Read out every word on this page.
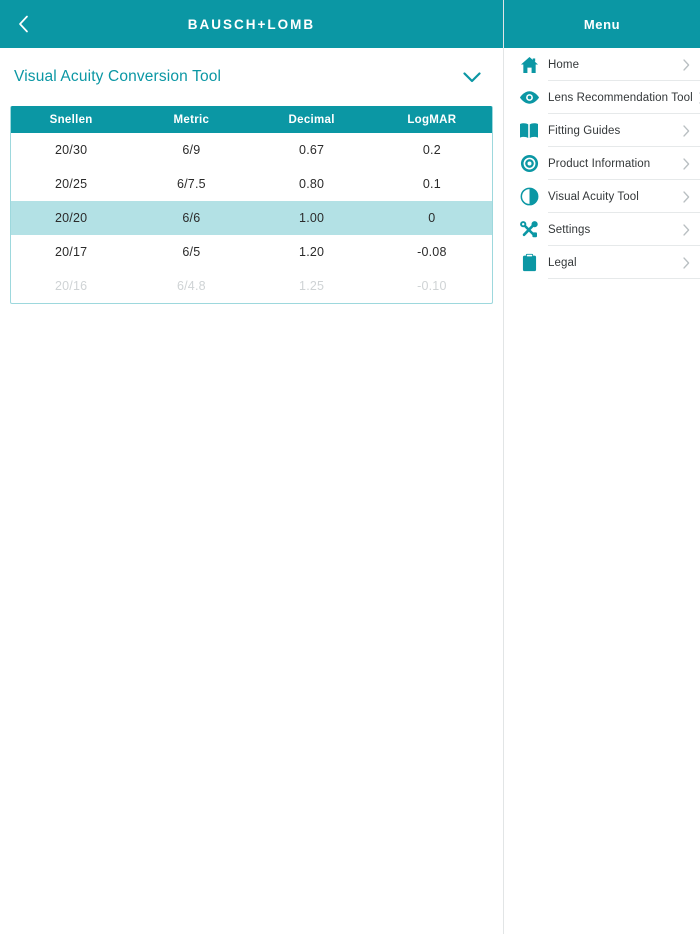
BAUSCH+LOMB
Visual Acuity Conversion Tool
Snellen	Metric	Decimal	LogMAR
20/30	6/9	0.67	0.2
20/25	6/7.5	0.80	0.1
20/20	6/6	1.00	0
20/17	6/5	1.20	-0.08
20/16	6/4.8	1.25	-0.10
Menu
Home
Lens Recommendation Tool
Fitting Guides
Product Information
Visual Acuity Tool
Settings
Legal
